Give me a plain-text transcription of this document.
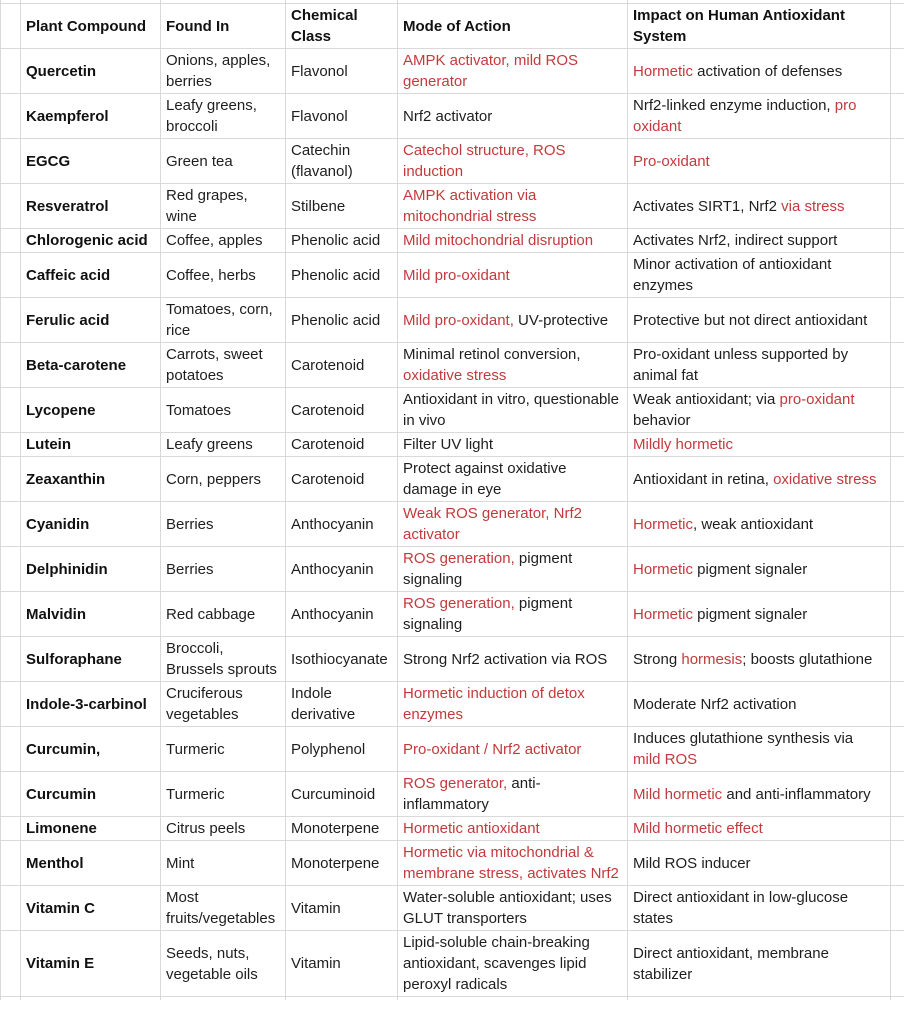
	Plant Compound	Found In	Chemical Class	Mode of Action	Impact on Human Antioxidant System	
	Quercetin	Onions, apples, berries	Flavonol	AMPK activator, mild ROS generator	Hormetic activation of defenses	
	Kaempferol	Leafy greens, broccoli	Flavonol	Nrf2 activator	Nrf2-linked enzyme induction, pro oxidant	
	EGCG	Green tea	Catechin (flavanol)	Catechol structure, ROS induction	Pro-oxidant	
	Resveratrol	Red grapes, wine	Stilbene	AMPK activation via mitochondrial stress	Activates SIRT1, Nrf2 via stress	
	Chlorogenic acid	Coffee, apples	Phenolic acid	Mild mitochondrial disruption	Activates Nrf2, indirect support	
	Caffeic acid	Coffee, herbs	Phenolic acid	Mild pro-oxidant	Minor activation of antioxidant enzymes	
	Ferulic acid	Tomatoes, corn, rice	Phenolic acid	Mild pro-oxidant, UV-protective	Protective but not direct antioxidant	
	Beta-carotene	Carrots, sweet potatoes	Carotenoid	Minimal retinol conversion, oxidative stress	Pro-oxidant unless supported by animal fat	
	Lycopene	Tomatoes	Carotenoid	Antioxidant in vitro, questionable in vivo	Weak antioxidant; via pro-oxidant behavior	
	Lutein	Leafy greens	Carotenoid	Filter UV light	Mildly hormetic	
	Zeaxanthin	Corn, peppers	Carotenoid	Protect against oxidative damage in eye	Antioxidant in retina, oxidative stress	
	Cyanidin	Berries	Anthocyanin	Weak ROS generator, Nrf2 activator	Hormetic, weak antioxidant	
	Delphinidin	Berries	Anthocyanin	ROS generation, pigment signaling	Hormetic pigment signaler	
	Malvidin	Red cabbage	Anthocyanin	ROS generation, pigment signaling	Hormetic pigment signaler	
	Sulforaphane	Broccoli, Brussels sprouts	Isothiocyanate	Strong Nrf2 activation via ROS	Strong hormesis; boosts glutathione	
	Indole-3-carbinol	Cruciferous vegetables	Indole derivative	Hormetic induction of detox enzymes	Moderate Nrf2 activation	
	Curcumin,	Turmeric	Polyphenol	Pro-oxidant / Nrf2 activator	Induces glutathione synthesis via mild ROS	
	Curcumin	Turmeric	Curcuminoid	ROS generator, anti-inflammatory	Mild hormetic and anti-inflammatory	
	Limonene	Citrus peels	Monoterpene	Hormetic antioxidant	Mild hormetic effect	
	Menthol	Mint	Monoterpene	Hormetic via mitochondrial & membrane stress, activates Nrf2	Mild ROS inducer	
	Vitamin C	Most fruits/vegetables	Vitamin	Water-soluble antioxidant; uses GLUT transporters	Direct antioxidant in low-glucose states	
	Vitamin E	Seeds, nuts, vegetable oils	Vitamin	Lipid-soluble chain-breaking antioxidant, scavenges lipid peroxyl radicals	Direct antioxidant, membrane stabilizer	
